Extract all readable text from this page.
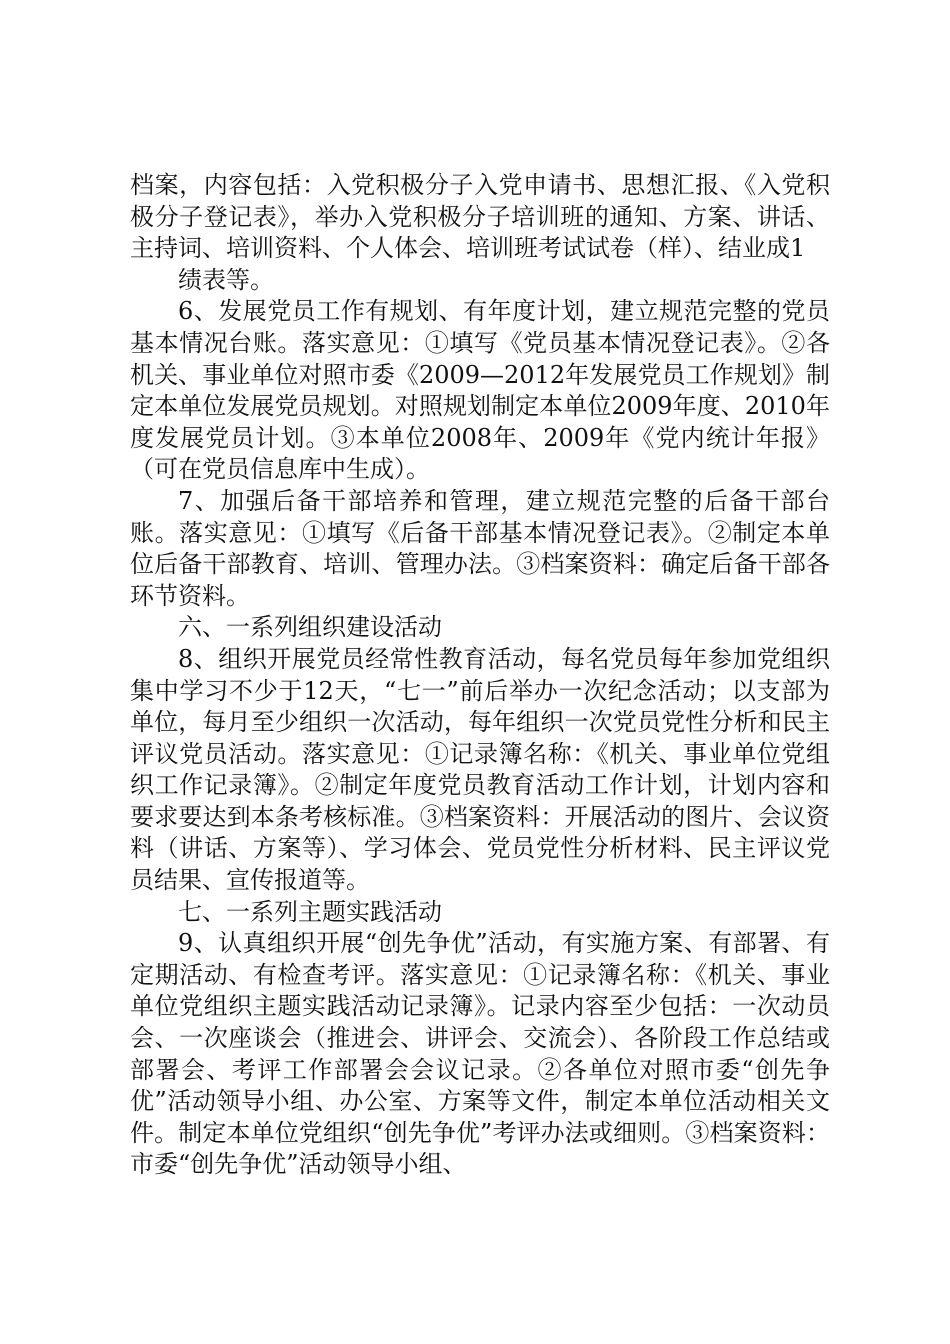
档案，内容包括：入党积极分子入党申请书、思想汇报、《入党积极分子登记表》，举办入党积极分子培训班的通知、方案、讲话、主持词、培训资料、个人体会、培训班考试试卷（样）、结业成1

绩表等。

6、发展党员工作有规划、有年度计划，建立规范完整的党员基本情况台账。落实意见：①填写《党员基本情况登记表》。②各机关、事业单位对照市委《2009—2012年发展党员工作规划》制定本单位发展党员规划。对照规划制定本单位2009年度、2010年度发展党员计划。③本单位2008年、2009年《党内统计年报》（可在党员信息库中生成）。

7、加强后备干部培养和管理，建立规范完整的后备干部台账。落实意见：①填写《后备干部基本情况登记表》。②制定本单位后备干部教育、培训、管理办法。③档案资料：确定后备干部各环节资料。

六、一系列组织建设活动

8、组织开展党员经常性教育活动，每名党员每年参加党组织集中学习不少于12天，“七一”前后举办一次纪念活动；以支部为单位，每月至少组织一次活动，每年组织一次党员党性分析和民主评议党员活动。落实意见：①记录簿名称：《机关、事业单位党组织工作记录簿》。②制定年度党员教育活动工作计划，计划内容和要求要达到本条考核标准。③档案资料：开展活动的图片、会议资料（讲话、方案等）、学习体会、党员党性分析材料、民主评议党员结果、宣传报道等。

七、一系列主题实践活动

9、认真组织开展“创先争优”活动，有实施方案、有部署、有定期活动、有检查考评。落实意见：①记录簿名称：《机关、事业单位党组织主题实践活动记录簿》。记录内容至少包括：一次动员会、一次座谈会（推进会、讲评会、交流会）、各阶段工作总结或部署会、考评工作部署会会议记录。②各单位对照市委“创先争优”活动领导小组、办公室、方案等文件，制定本单位活动相关文件。制定本单位党组织“创先争优”考评办法或细则。③档案资料：市委“创先争优”活动领导小组、
